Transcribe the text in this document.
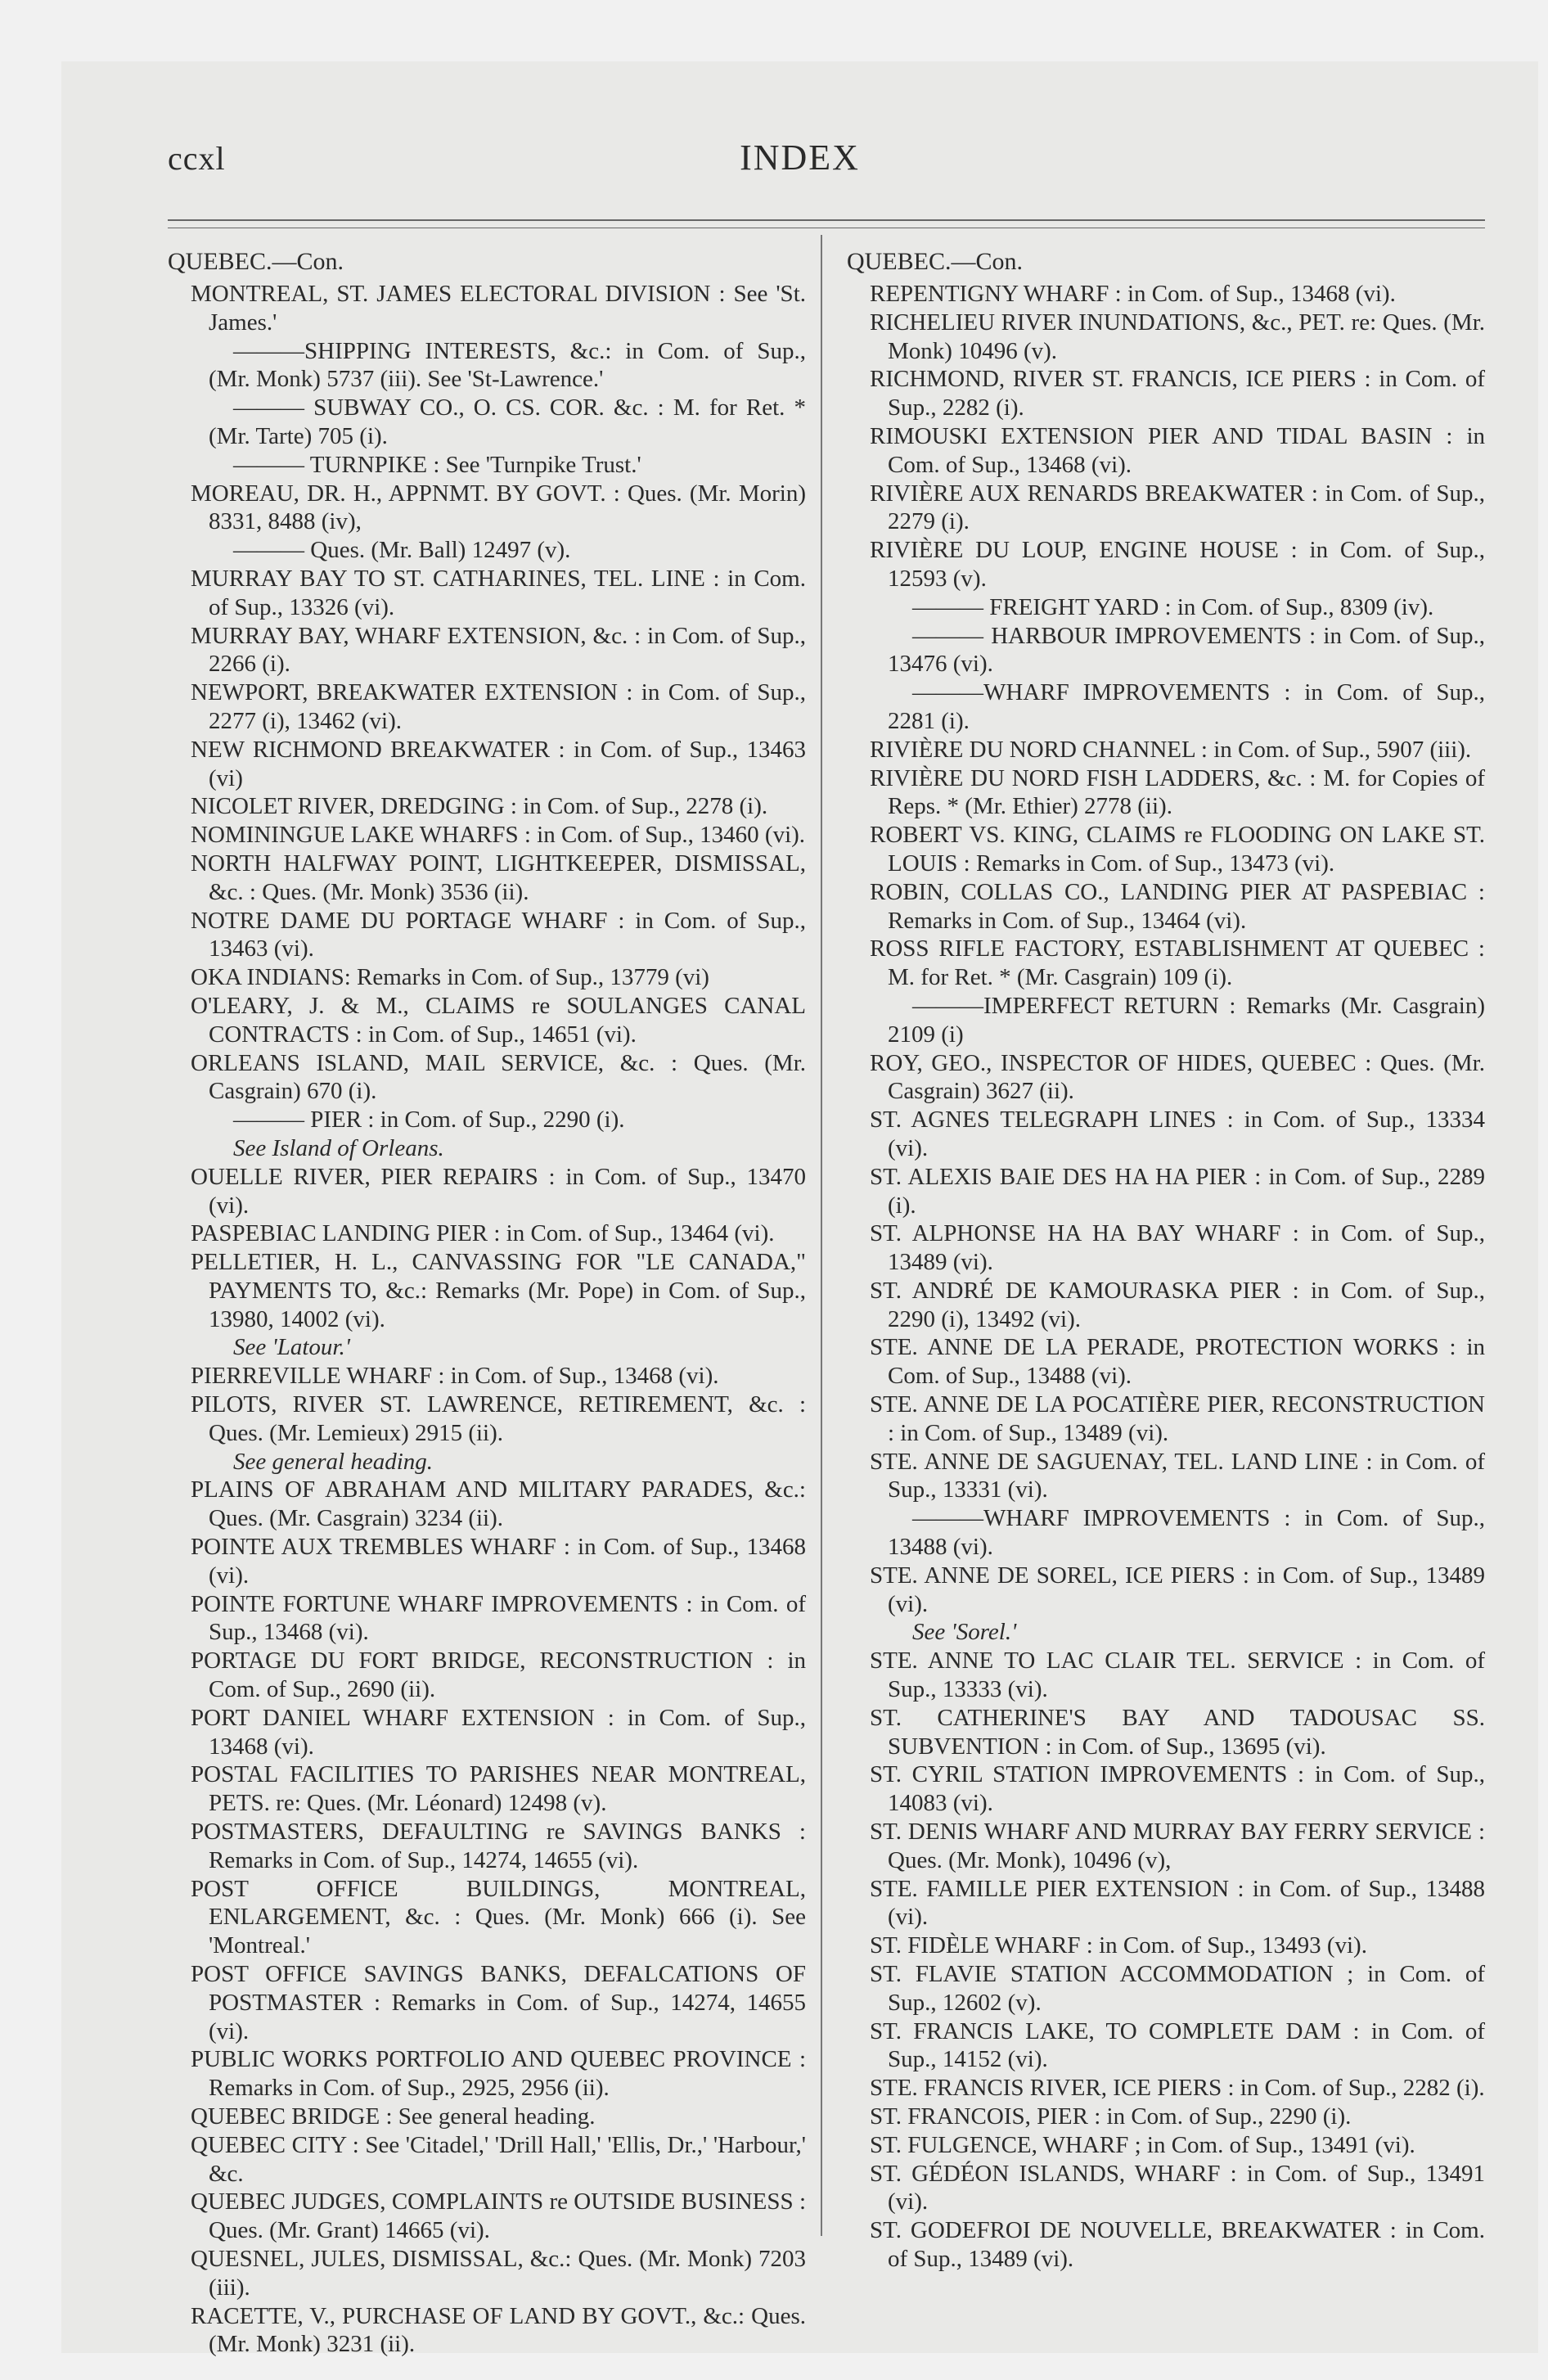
ccxl	INDEX
QUEBEC.—Con.

MONTREAL, ST. JAMES ELECTORAL DIVISION : See 'St. James.'

———SHIPPING INTERESTS, &c.: in Com. of Sup., (Mr. Monk) 5737 (iii). See 'St-Lawrence.'

——— SUBWAY CO., O. CS. COR. &c. : M. for Ret. * (Mr. Tarte) 705 (i).

——— TURNPIKE : See 'Turnpike Trust.'

MOREAU, DR. H., APPNMT. BY GOVT. : Ques. (Mr. Morin) 8331, 8488 (iv),

——— Ques. (Mr. Ball) 12497 (v).

MURRAY BAY TO ST. CATHARINES, TEL. LINE : in Com. of Sup., 13326 (vi).

MURRAY BAY, WHARF EXTENSION, &c. : in Com. of Sup., 2266 (i).

NEWPORT, BREAKWATER EXTENSION : in Com. of Sup., 2277 (i), 13462 (vi).

NEW RICHMOND BREAKWATER : in Com. of Sup., 13463 (vi)

NICOLET RIVER, DREDGING : in Com. of Sup., 2278 (i).

NOMININGUE LAKE WHARFS : in Com. of Sup., 13460 (vi).

NORTH HALFWAY POINT, LIGHTKEEPER, DISMISSAL, &c. : Ques. (Mr. Monk) 3536 (ii).

NOTRE DAME DU PORTAGE WHARF : in Com. of Sup., 13463 (vi).

OKA INDIANS: Remarks in Com. of Sup., 13779 (vi)

O'LEARY, J. & M., CLAIMS re SOULANGES CANAL CONTRACTS : in Com. of Sup., 14651 (vi).

ORLEANS ISLAND, MAIL SERVICE, &c. : Ques. (Mr. Casgrain) 670 (i).

——— PIER : in Com. of Sup., 2290 (i).

See Island of Orleans.

OUELLE RIVER, PIER REPAIRS : in Com. of Sup., 13470 (vi).

PASPEBIAC LANDING PIER : in Com. of Sup., 13464 (vi).

PELLETIER, H. L., CANVASSING FOR "LE CANADA," PAYMENTS TO, &c.: Remarks (Mr. Pope) in Com. of Sup., 13980, 14002 (vi).

See 'Latour.'

PIERREVILLE WHARF : in Com. of Sup., 13468 (vi).

PILOTS, RIVER ST. LAWRENCE, RETIREMENT, &c. : Ques. (Mr. Lemieux) 2915 (ii).

See general heading.

PLAINS OF ABRAHAM AND MILITARY PARADES, &c.: Ques. (Mr. Casgrain) 3234 (ii).

POINTE AUX TREMBLES WHARF : in Com. of Sup., 13468 (vi).

POINTE FORTUNE WHARF IMPROVEMENTS : in Com. of Sup., 13468 (vi).

PORTAGE DU FORT BRIDGE, RECONSTRUCTION : in Com. of Sup., 2690 (ii).

PORT DANIEL WHARF EXTENSION : in Com. of Sup., 13468 (vi).

POSTAL FACILITIES TO PARISHES NEAR MONTREAL, PETS. re: Ques. (Mr. Léonard) 12498 (v).

POSTMASTERS, DEFAULTING re SAVINGS BANKS : Remarks in Com. of Sup., 14274, 14655 (vi).

POST OFFICE BUILDINGS, MONTREAL, ENLARGEMENT, &c. : Ques. (Mr. Monk) 666 (i). See 'Montreal.'

POST OFFICE SAVINGS BANKS, DEFALCATIONS OF POSTMASTER : Remarks in Com. of Sup., 14274, 14655 (vi).

PUBLIC WORKS PORTFOLIO AND QUEBEC PROVINCE : Remarks in Com. of Sup., 2925, 2956 (ii).

QUEBEC BRIDGE : See general heading.

QUEBEC CITY : See 'Citadel,' 'Drill Hall,' 'Ellis, Dr.,' 'Harbour,' &c.

QUEBEC JUDGES, COMPLAINTS re OUTSIDE BUSINESS : Ques. (Mr. Grant) 14665 (vi).

QUESNEL, JULES, DISMISSAL, &c.: Ques. (Mr. Monk) 7203 (iii).

RACETTE, V., PURCHASE OF LAND BY GOVT., &c.: Ques. (Mr. Monk) 3231 (ii).

QUEBEC.—Con.

REPENTIGNY WHARF : in Com. of Sup., 13468 (vi).

RICHELIEU RIVER INUNDATIONS, &c., PET. re: Ques. (Mr. Monk) 10496 (v).

RICHMOND, RIVER ST. FRANCIS, ICE PIERS : in Com. of Sup., 2282 (i).

RIMOUSKI EXTENSION PIER AND TIDAL BASIN : in Com. of Sup., 13468 (vi).

RIVIÈRE AUX RENARDS BREAKWATER : in Com. of Sup., 2279 (i).

RIVIÈRE DU LOUP, ENGINE HOUSE : in Com. of Sup., 12593 (v).

——— FREIGHT YARD : in Com. of Sup., 8309 (iv).

——— HARBOUR IMPROVEMENTS : in Com. of Sup., 13476 (vi).

———WHARF IMPROVEMENTS : in Com. of Sup., 2281 (i).

RIVIÈRE DU NORD CHANNEL : in Com. of Sup., 5907 (iii).

RIVIÈRE DU NORD FISH LADDERS, &c. : M. for Copies of Reps. * (Mr. Ethier) 2778 (ii).

ROBERT VS. KING, CLAIMS re FLOODING ON LAKE ST. LOUIS : Remarks in Com. of Sup., 13473 (vi).

ROBIN, COLLAS CO., LANDING PIER AT PASPEBIAC : Remarks in Com. of Sup., 13464 (vi).

ROSS RIFLE FACTORY, ESTABLISHMENT AT QUEBEC : M. for Ret. * (Mr. Casgrain) 109 (i).

———IMPERFECT RETURN : Remarks (Mr. Casgrain) 2109 (i)

ROY, GEO., INSPECTOR OF HIDES, QUEBEC : Ques. (Mr. Casgrain) 3627 (ii).

ST. AGNES TELEGRAPH LINES : in Com. of Sup., 13334 (vi).

ST. ALEXIS BAIE DES HA HA PIER : in Com. of Sup., 2289 (i).

ST. ALPHONSE HA HA BAY WHARF : in Com. of Sup., 13489 (vi).

ST. ANDRÉ DE KAMOURASKA PIER : in Com. of Sup., 2290 (i), 13492 (vi).

STE. ANNE DE LA PERADE, PROTECTION WORKS : in Com. of Sup., 13488 (vi).

STE. ANNE DE LA POCATIÈRE PIER, RECONSTRUCTION : in Com. of Sup., 13489 (vi).

STE. ANNE DE SAGUENAY, TEL. LAND LINE : in Com. of Sup., 13331 (vi).

———WHARF IMPROVEMENTS : in Com. of Sup., 13488 (vi).

STE. ANNE DE SOREL, ICE PIERS : in Com. of Sup., 13489 (vi).

See 'Sorel.'

STE. ANNE TO LAC CLAIR TEL. SERVICE : in Com. of Sup., 13333 (vi).

ST. CATHERINE'S BAY AND TADOUSAC SS. SUBVENTION : in Com. of Sup., 13695 (vi).

ST. CYRIL STATION IMPROVEMENTS : in Com. of Sup., 14083 (vi).

ST. DENIS WHARF AND MURRAY BAY FERRY SERVICE : Ques. (Mr. Monk), 10496 (v),

STE. FAMILLE PIER EXTENSION : in Com. of Sup., 13488 (vi).

ST. FIDÈLE WHARF : in Com. of Sup., 13493 (vi).

ST. FLAVIE STATION ACCOMMODATION ; in Com. of Sup., 12602 (v).

ST. FRANCIS LAKE, TO COMPLETE DAM : in Com. of Sup., 14152 (vi).

STE. FRANCIS RIVER, ICE PIERS : in Com. of Sup., 2282 (i).

ST. FRANCOIS, PIER : in Com. of Sup., 2290 (i).

ST. FULGENCE, WHARF ; in Com. of Sup., 13491 (vi).

ST. GÉDÉON ISLANDS, WHARF : in Com. of Sup., 13491 (vi).

ST. GODEFROI DE NOUVELLE, BREAKWATER : in Com. of Sup., 13489 (vi).
